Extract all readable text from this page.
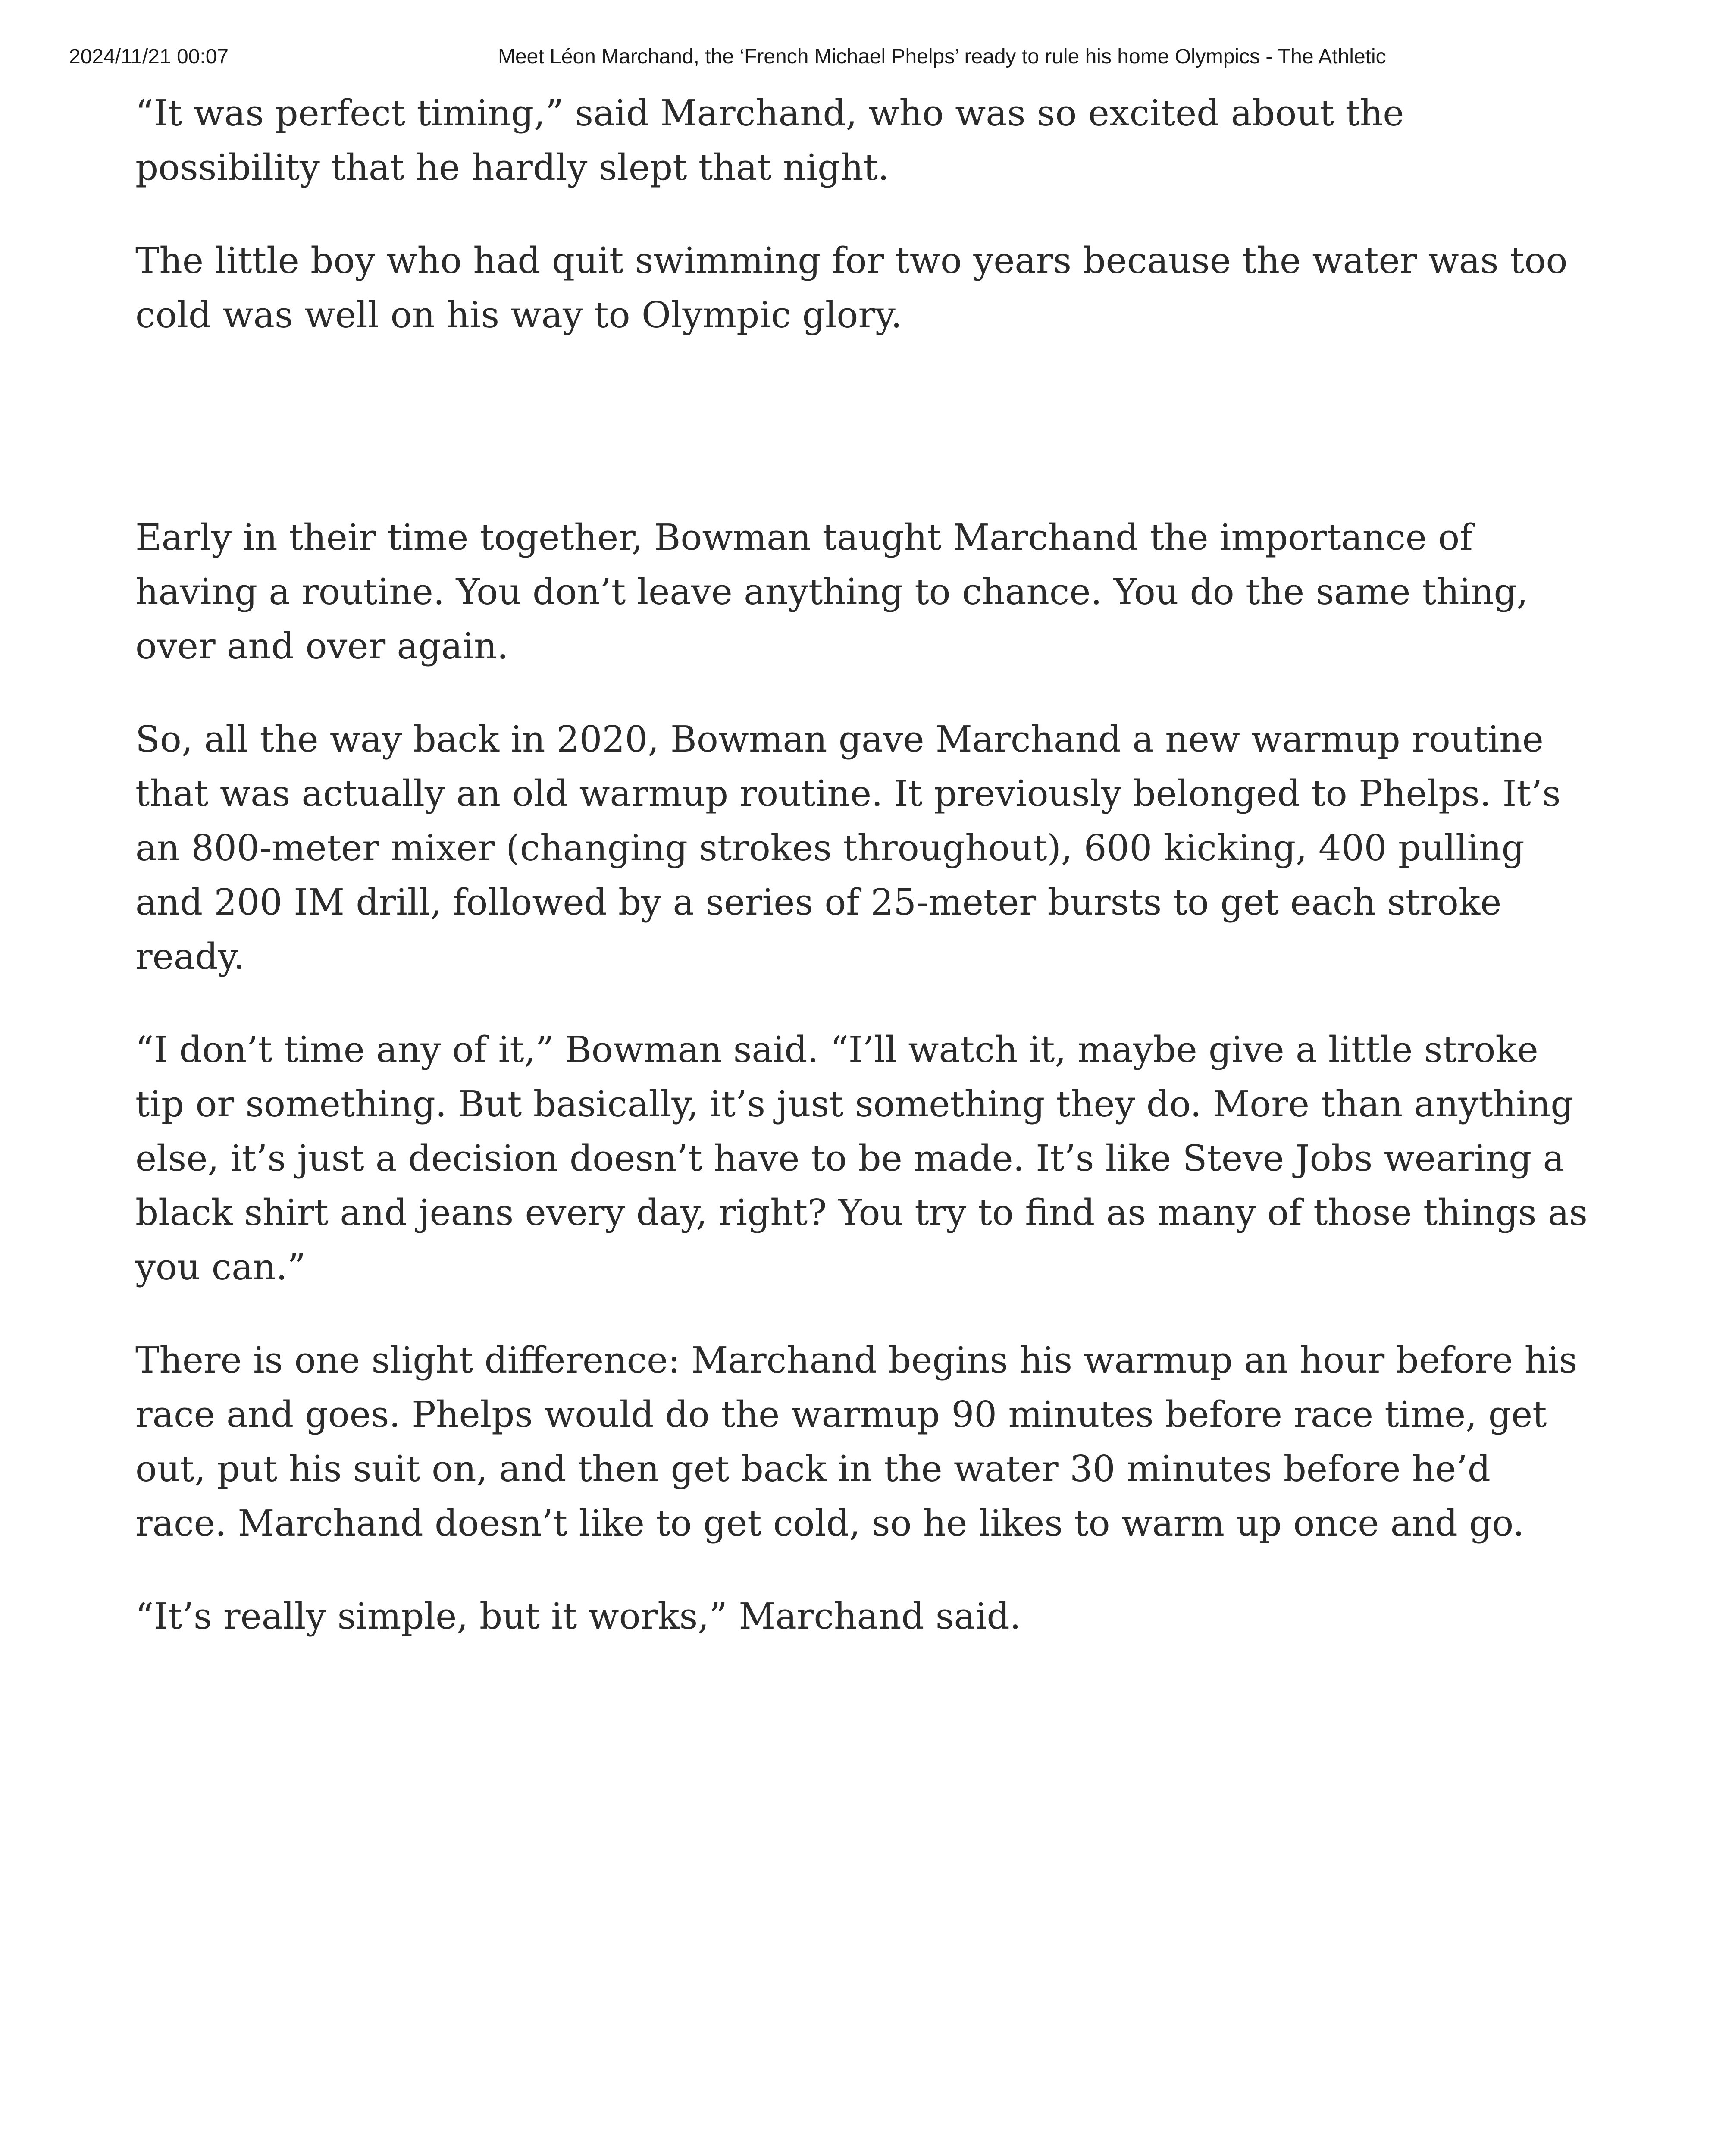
2024/11/21 00:07	Meet Léon Marchand, the ‘French Michael Phelps’ ready to rule his home Olympics - The Athletic

“It was perfect timing,” said Marchand, who was so excited about the possibility that he hardly slept that night.

The little boy who had quit swimming for two years because the water was too cold was well on his way to Olympic glory.

Early in their time together, Bowman taught Marchand the importance of having a routine. You don’t leave anything to chance. You do the same thing, over and over again.

So, all the way back in 2020, Bowman gave Marchand a new warmup routine that was actually an old warmup routine. It previously belonged to Phelps. It’s an 800-meter mixer (changing strokes throughout), 600 kicking, 400 pulling and 200 IM drill, followed by a series of 25-meter bursts to get each stroke ready.

“I don’t time any of it,” Bowman said. “I’ll watch it, maybe give a little stroke tip or something. But basically, it’s just something they do. More than anything else, it’s just a decision doesn’t have to be made. It’s like Steve Jobs wearing a black shirt and jeans every day, right? You try to find as many of those things as you can.”

There is one slight difference: Marchand begins his warmup an hour before his race and goes. Phelps would do the warmup 90 minutes before race time, get out, put his suit on, and then get back in the water 30 minutes before he’d race. Marchand doesn’t like to get cold, so he likes to warm up once and go.

“It’s really simple, but it works,” Marchand said.
